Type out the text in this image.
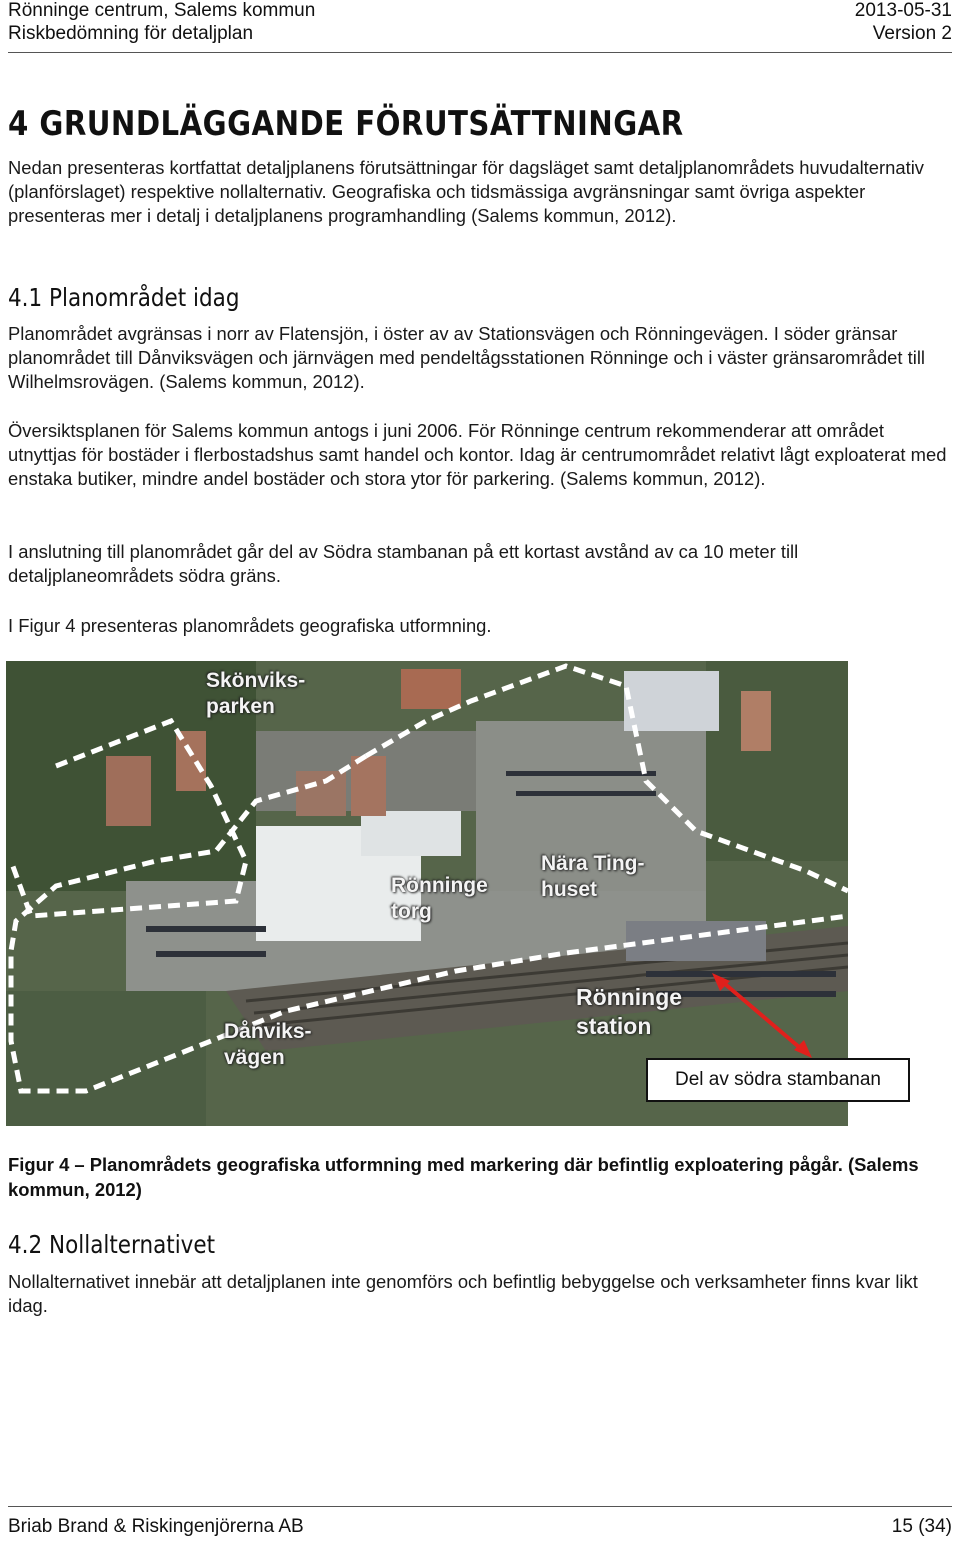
Rönninge centrum, Salems kommun	2013-05-31
Riskbedömning för detaljplan	Version 2
4 GRUNDLÄGGANDE FÖRUTSÄTTNINGAR
Nedan presenteras kortfattat detaljplanens förutsättningar för dagsläget samt detaljplanområdets huvudalternativ (planförslaget) respektive nollalternativ. Geografiska och tidsmässiga avgränsningar samt övriga aspekter presenteras mer i detalj i detaljplanens programhandling (Salems kommun, 2012).
4.1 Planområdet idag
Planområdet avgränsas i norr av Flatensjön, i öster av av Stationsvägen och Rönningevägen. I söder gränsar planområdet till Dånviksvägen och järnvägen med pendeltågsstationen Rönninge och i väster gränsarområdet till Wilhelmsrovägen. (Salems kommun, 2012).
Översiktsplanen för Salems kommun antogs i juni 2006. För Rönninge centrum rekommenderar att området utnyttjas för bostäder i flerbostadshus samt handel och kontor. Idag är centrumområdet relativt lågt exploaterat med enstaka butiker, mindre andel bostäder och stora ytor för parkering. (Salems kommun, 2012).
I anslutning till planområdet går del av Södra stambanan på ett kortast avstånd av ca 10 meter till detaljplaneområdets södra gräns.
I Figur 4 presenteras planområdets geografiska utformning.
Skönviks-
parken
Rönninge
torg
Nära Ting-
huset
Rönninge
station
Dånviks-
vägen
Del av södra stambanan
Figur 4 – Planområdets geografiska utformning med markering där befintlig exploatering pågår. (Salems kommun, 2012)
4.2 Nollalternativet
Nollalternativet innebär att detaljplanen inte genomförs och befintlig bebyggelse och verksamheter finns kvar likt idag.
Briab Brand & Riskingenjörerna AB	15 (34)
